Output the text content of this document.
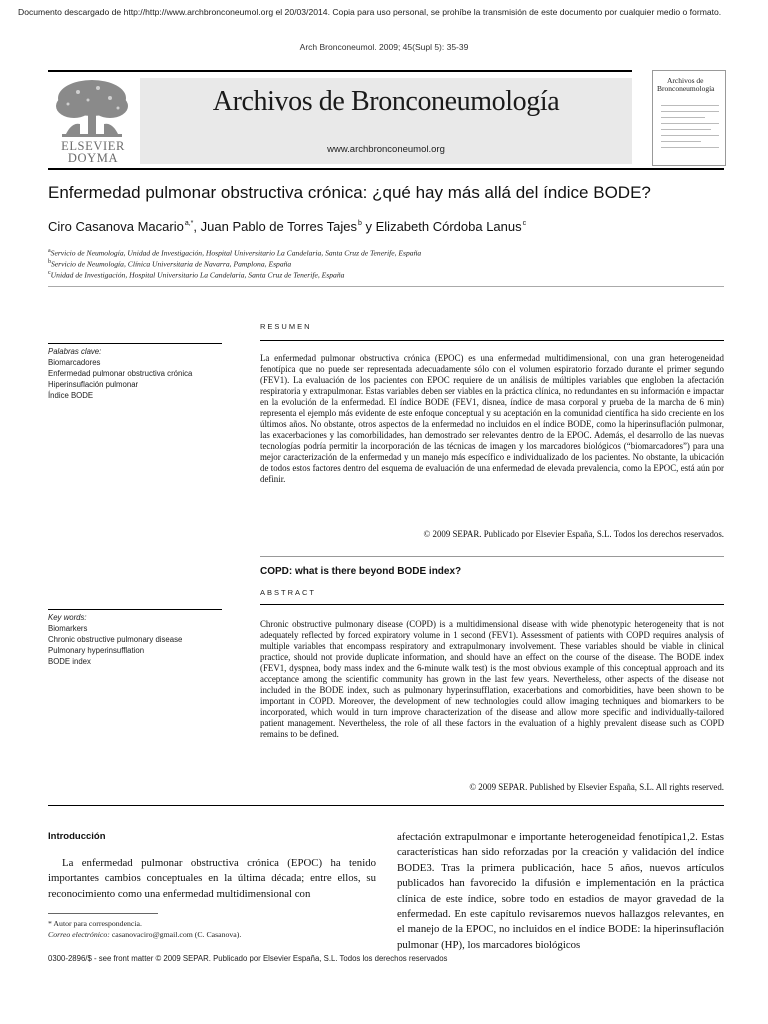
Documento descargado de http://http://www.archbronconeumol.org el 20/03/2014. Copia para uso personal, se prohíbe la transmisión de este documento por cualquier medio o formato.
Arch Bronconeumol. 2009; 45(Supl 5): 35-39
ELSEVIER
DOYMA
Archivos de Bronconeumología
www.archbronconeumol.org
Archivos de
Bronconeumología
Enfermedad pulmonar obstructiva crónica: ¿qué hay más allá del índice BODE?
Ciro Casanova Macario$^{a,*}$, Juan Pablo de Torres Tajes$^b$ y Elizabeth Córdoba Lanus$^c$
$^a$Servicio de Neumología, Unidad de Investigación, Hospital Universitario La Candelaria, Santa Cruz de Tenerife, España
$^b$Servicio de Neumología, Clínica Universitaria de Navarra, Pamplona, España
$^c$Unidad de Investigación, Hospital Universitario La Candelaria, Santa Cruz de Tenerife, España
RESUMEN
Palabras clave:
Biomarcadores
Enfermedad pulmonar obstructiva crónica
Hiperinsuflación pulmonar
Índice BODE
La enfermedad pulmonar obstructiva crónica (EPOC) es una enfermedad multidimensional, con una gran heterogeneidad fenotípica que no puede ser representada adecuadamente sólo con el volumen espiratorio forzado durante el primer segundo (FEV1). La evaluación de los pacientes con EPOC requiere de un análisis de múltiples variables que engloben la afectación respiratoria y extrapulmonar. Estas variables deben ser viables en la práctica clínica, no redundantes en su información e impactar en la evolución de la enfermedad. El índice BODE (FEV1, disnea, índice de masa corporal y prueba de la marcha de 6 min) representa el ejemplo más evidente de este enfoque conceptual y su aceptación en la comunidad científica ha sido creciente en los últimos años. No obstante, otros aspectos de la enfermedad no incluidos en el índice BODE, como la hiperinsuflación pulmonar, las exacerbaciones y las comorbilidades, han demostrado ser relevantes dentro de la EPOC. Además, el desarrollo de las nuevas tecnologías podría permitir la incorporación de las técnicas de imagen y los marcadores biológicos (“biomarcadores”) para una mejor caracterización de la enfermedad y un manejo más específico e individualizado de los pacientes. No obstante, la ubicación de todos estos factores dentro del esquema de evaluación de una enfermedad de elevada prevalencia, como la EPOC, está aún por definir.
© 2009 SEPAR. Publicado por Elsevier España, S.L. Todos los derechos reservados.
COPD: what is there beyond BODE index?
ABSTRACT
Key words:
Biomarkers
Chronic obstructive pulmonary disease
Pulmonary hyperinsufflation
BODE index
Chronic obstructive pulmonary disease (COPD) is a multidimensional disease with wide phenotypic heterogeneity that is not adequately reflected by forced expiratory volume in 1 second (FEV1). Assessment of patients with COPD requires analysis of multiple variables that encompass respiratory and extrapulmonary involvement. These variables should be viable in clinical practice, should not provide duplicate information, and should have an effect on the course of the disease. The BODE index (FEV1, dyspnea, body mass index and the 6-minute walk test) is the most obvious example of this conceptual approach and its acceptance among the scientific community has grown in the last few years. Nevertheless, other aspects of the disease not included in the BODE index, such as pulmonary hyperinsufflation, exacerbations and comorbidities, have been shown to be important in COPD. Moreover, the development of new technologies could allow imaging techniques and biomarkers to be incorporated, which would in turn improve characterization of the disease and allow more specific and individually-tailored patient management. Nevertheless, the role of all these factors in the evaluation of a highly prevalent disease such as COPD remains to be defined.
© 2009 SEPAR. Published by Elsevier España, S.L. All rights reserved.
Introducción
La enfermedad pulmonar obstructiva crónica (EPOC) ha tenido importantes cambios conceptuales en la última década; entre ellos, su reconocimiento como una enfermedad multidimensional con
afectación extrapulmonar e importante heterogeneidad fenotípica1,2. Estas características han sido reforzadas por la creación y validación del índice BODE3. Tras la primera publicación, hace 5 años, nuevos artículos publicados han favorecido la difusión e implementación en la práctica clínica de este índice, sobre todo en estadios de mayor gravedad de la enfermedad. En este capítulo revisaremos nuevos hallazgos relevantes, en el manejo de la EPOC, no incluidos en el índice BODE: la hiperinsuflación pulmonar (HP), los marcadores biológicos
* Autor para correspondencia.
Correo electrónico: casanovaciro@gmail.com (C. Casanova).
0300-2896/$ - see front matter © 2009 SEPAR. Publicado por Elsevier España, S.L. Todos los derechos reservados
